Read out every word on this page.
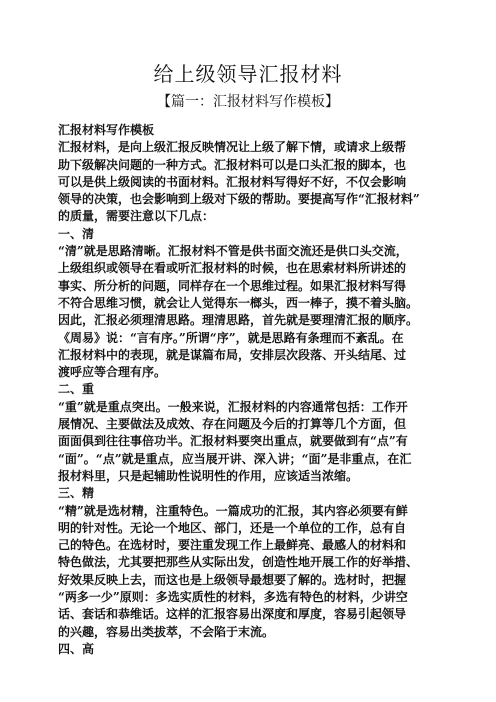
给上级领导汇报材料
【篇一：汇报材料写作模板】
汇报材料写作模板
汇报材料，是向上级汇报反映情况让上级了解下情，或请求上级帮
助下级解决问题的一种方式。汇报材料可以是口头汇报的脚本，也
可以是供上级阅读的书面材料。汇报材料写得好不好，不仅会影响
领导的决策，也会影响到上级对下级的帮助。要提高写作“汇报材料”
的质量，需要注意以下几点：
一、清
“清”就是思路清晰。汇报材料不管是供书面交流还是供口头交流，
上级组织或领导在看或听汇报材料的时候，也在思索材料所讲述的
事实、所分析的问题，同样存在一个思维过程。如果汇报材料写得
不符合思维习惯，就会让人觉得东一榔头，西一棒子，摸不着头脑。
因此，汇报必须理清思路。理清思路，首先就是要理清汇报的顺序。
《周易》说：“言有序。”所谓“序”，就是思路有条理而不紊乱。在
汇报材料中的表现，就是谋篇布局，安排层次段落、开头结尾、过
渡呼应等合理有序。
二、重
“重”就是重点突出。一般来说，汇报材料的内容通常包括：工作开
展情况、主要做法及成效、存在问题及今后的打算等几个方面，但
面面俱到往往事倍功半。汇报材料要突出重点，就要做到有“点”有
“面”。“点”就是重点，应当展开讲、深入讲；“面”是非重点，在汇
报材料里，只是起辅助性说明性的作用，应该适当浓缩。
三、精
“精”就是选材精，注重特色。一篇成功的汇报，其内容必须要有鲜
明的针对性。无论一个地区、部门，还是一个单位的工作，总有自
己的特色。在选材时，要注重发现工作上最鲜亮、最感人的材料和
特色做法，尤其要把那些从实际出发，创造性地开展工作的好举措、
好效果反映上去，而这也是上级领导最想要了解的。选材时，把握
“两多一少”原则：多选实质性的材料，多选有特色的材料，少讲空
话、套话和恭维话。这样的汇报容易出深度和厚度，容易引起领导
的兴趣，容易出类拔萃，不会陷于末流。
四、高
